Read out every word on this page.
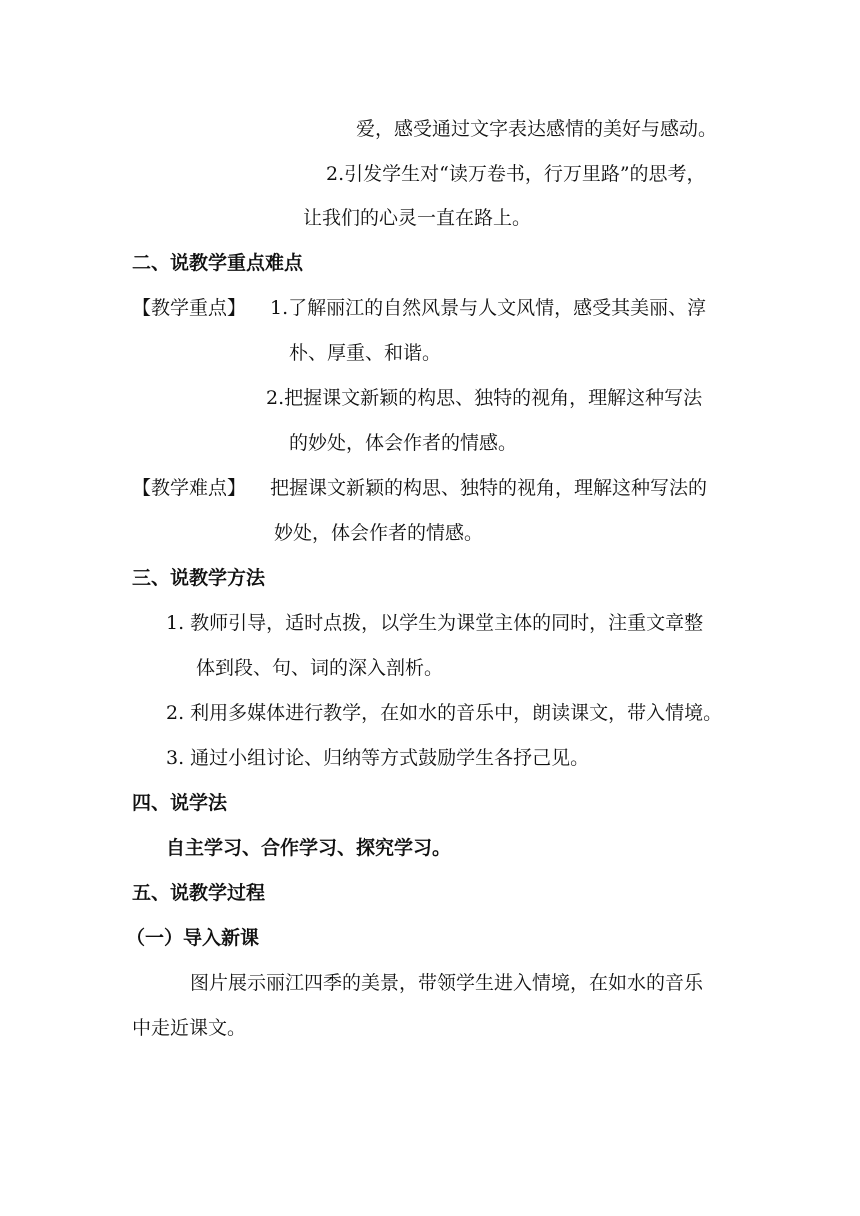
爱，感受通过文字表达感情的美好与感动。
2.引发学生对“读万卷书，行万里路”的思考，
让我们的心灵一直在路上。
二、说教学重点难点
【教学重点】 1.了解丽江的自然风景与人文风情，感受其美丽、淳
朴、厚重、和谐。
2.把握课文新颖的构思、独特的视角，理解这种写法
的妙处，体会作者的情感。
【教学难点】 把握课文新颖的构思、独特的视角，理解这种写法的
妙处，体会作者的情感。
三、说教学方法
1. 教师引导，适时点拨，以学生为课堂主体的同时，注重文章整
体到段、句、词的深入剖析。
2. 利用多媒体进行教学，在如水的音乐中，朗读课文，带入情境。
3. 通过小组讨论、归纳等方式鼓励学生各抒己见。
四、说学法
自主学习、合作学习、探究学习。
五、说教学过程
（一）导入新课
图片展示丽江四季的美景，带领学生进入情境，在如水的音乐
中走近课文。
